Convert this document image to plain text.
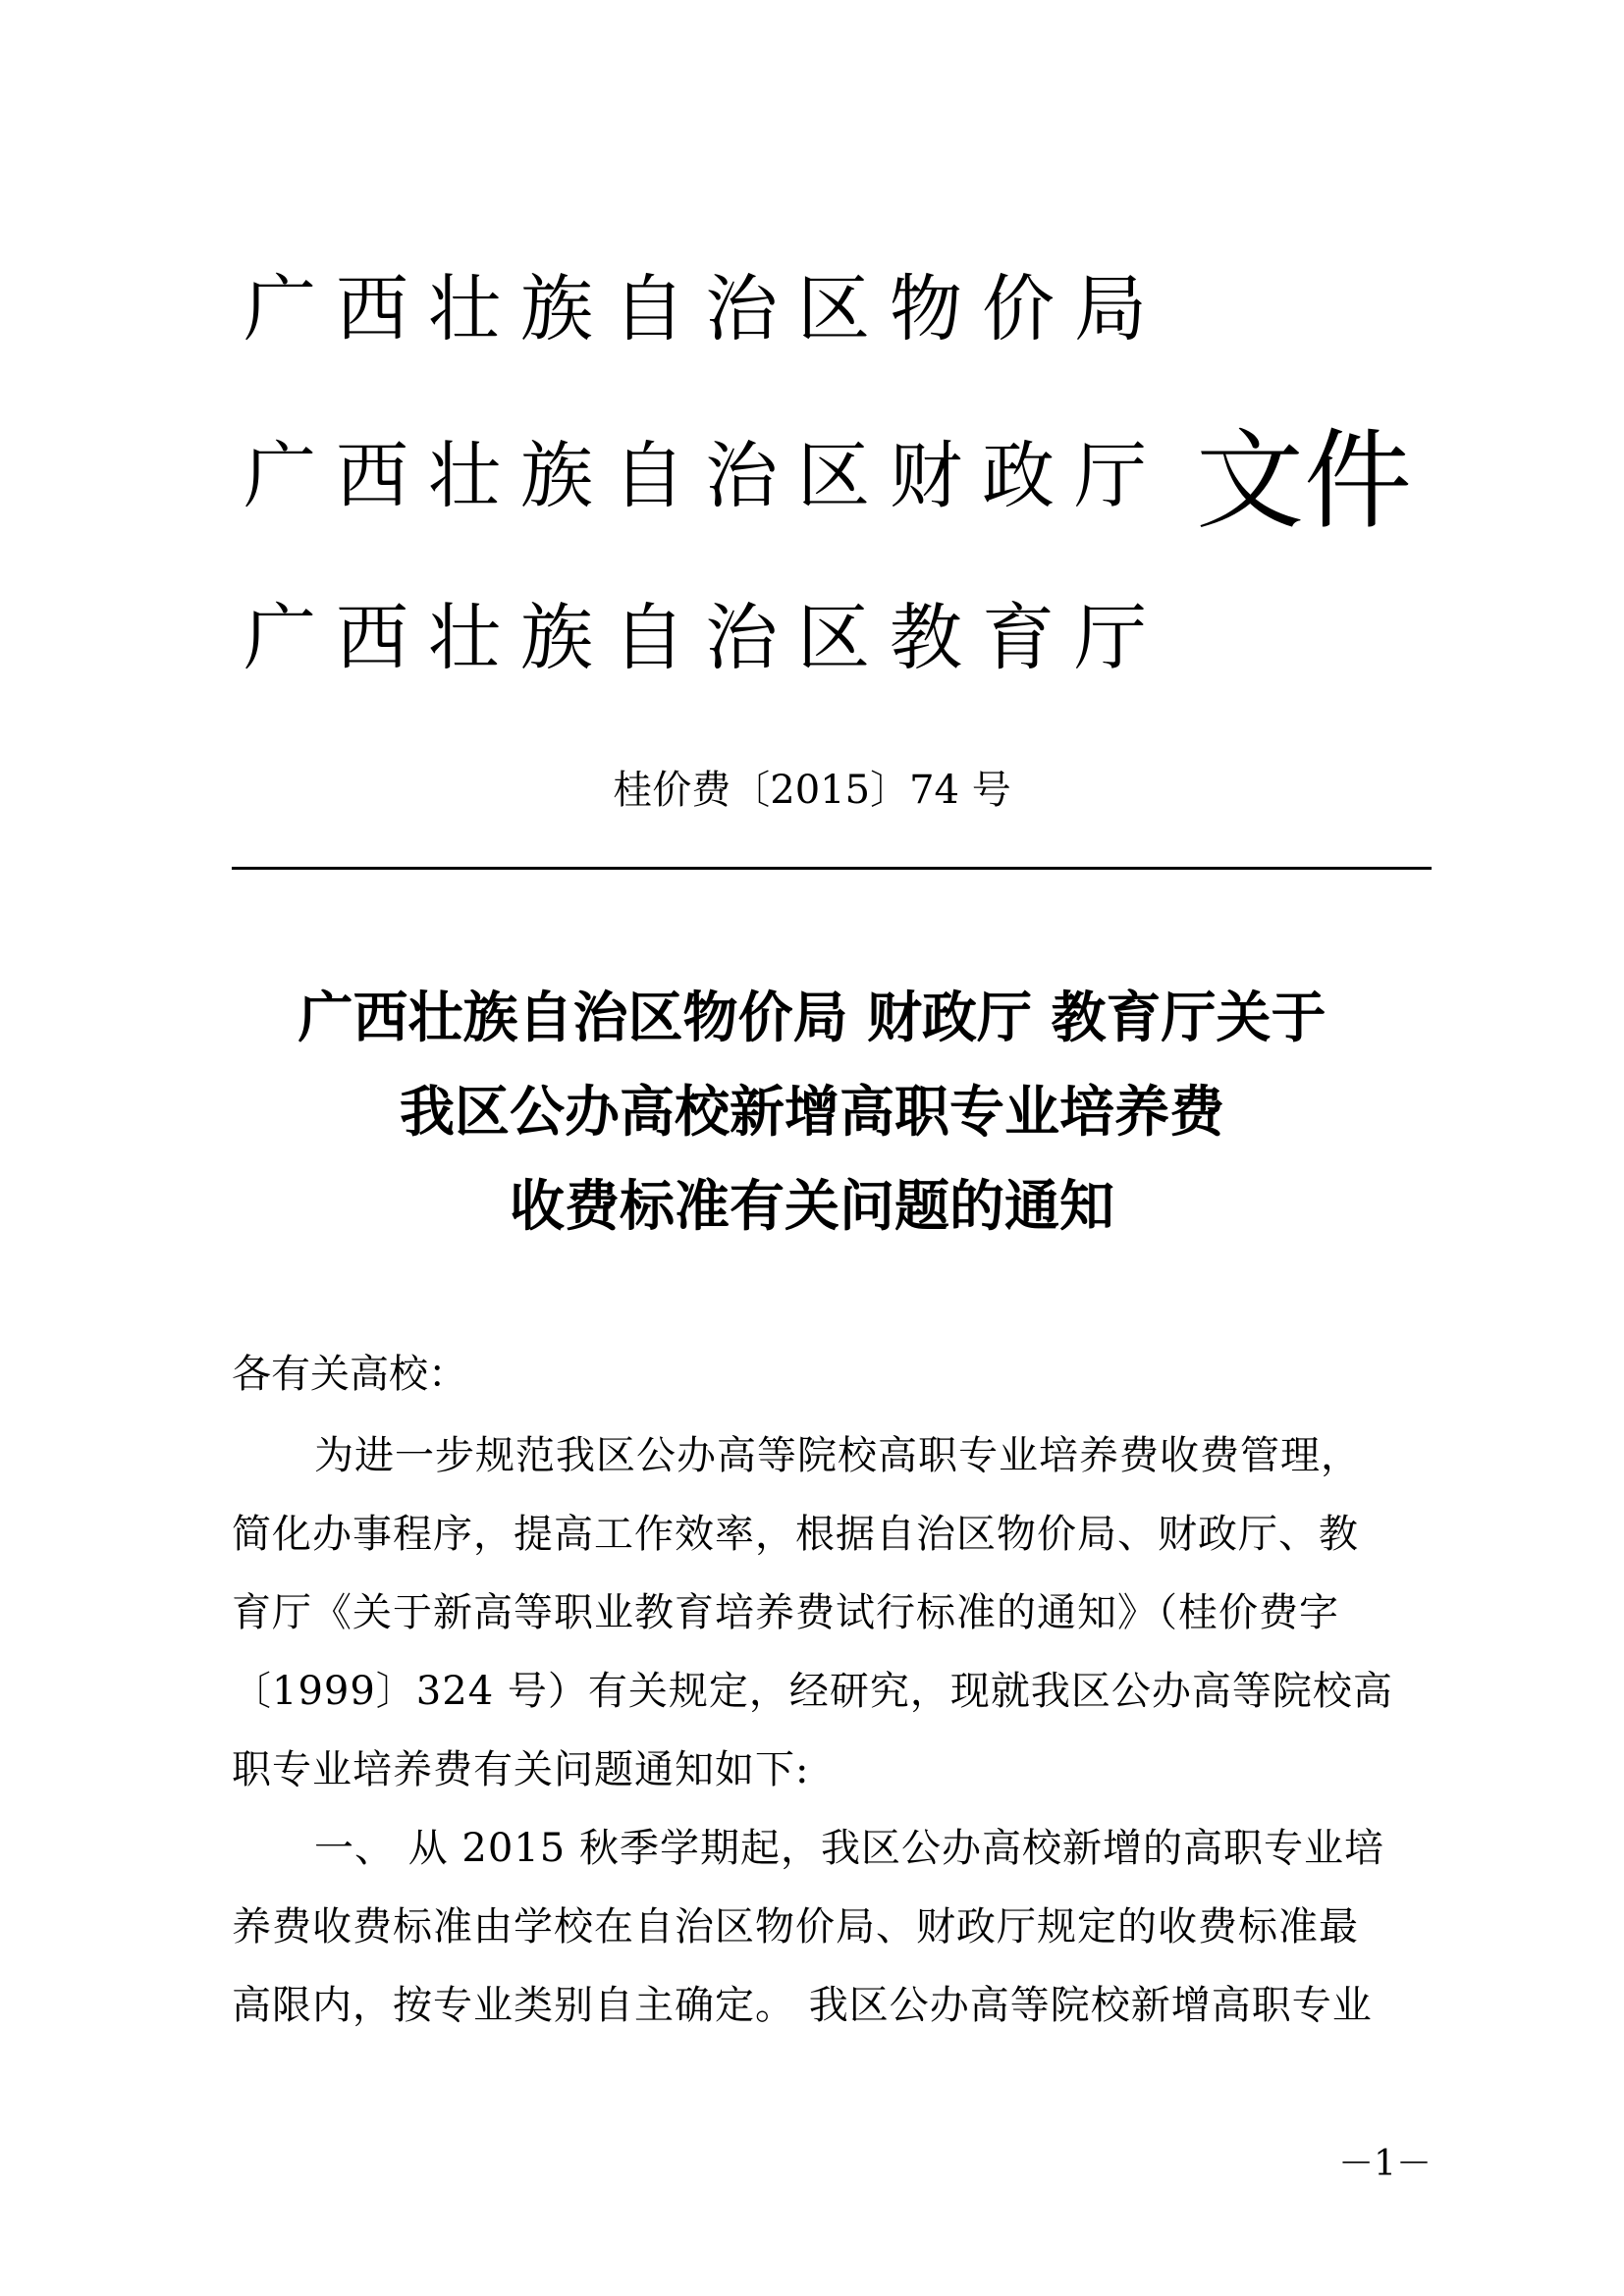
广西壮族自治区物价局
广西壮族自治区财政厅
广西壮族自治区教育厅
文件
桂价费〔2015〕74 号
广西壮族自治区物价局 财政厅 教育厅关于
我区公办高校新增高职专业培养费
收费标准有关问题的通知
各有关高校：
为进一步规范我区公办高等院校高职专业培养费收费管理，
简化办事程序，提高工作效率，根据自治区物价局、财政厅、教
育厅《关于新高等职业教育培养费试行标准的通知》（桂价费字
〔1999〕324 号）有关规定，经研究，现就我区公办高等院校高
职专业培养费有关问题通知如下:
一、 从 2015 秋季学期起，我区公办高校新增的高职专业培
养费收费标准由学校在自治区物价局、财政厅规定的收费标准最
高限内，按专业类别自主确定。 我区公办高等院校新增高职专业
－1－
